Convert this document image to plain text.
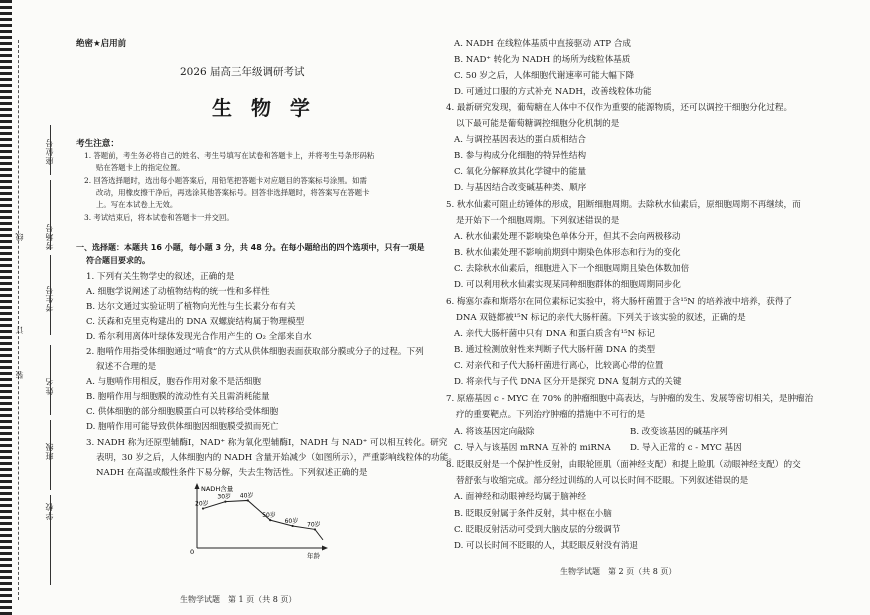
线
订
装
绝密★启用前
2026 届高三年级调研考试
生 物 学
考生注意：
1. 答题前，考生务必将自己的姓名、考生号填写在试卷和答题卡上，并将考生号条形码粘
贴在答题卡上的指定位置。
2. 回答选择题时，选出每小题答案后，用铅笔把答题卡对应题目的答案标号涂黑。如需
改动，用橡皮擦干净后，再选涂其他答案标号。回答非选择题时，将答案写在答题卡
上。写在本试卷上无效。
3. 考试结束后，将本试卷和答题卡一并交回。
一、选择题：本题共 16 小题，每小题 3 分，共 48 分。在每小题给出的四个选项中，只有一项是
符合题目要求的。
1. 下列有关生物学史的叙述，正确的是
A. 细胞学说阐述了动植物结构的统一性和多样性
B. 达尔文通过实验证明了植物向光性与生长素分布有关
C. 沃森和克里克构建出的 DNA 双螺旋结构属于物理模型
D. 希尔利用离体叶绿体发现光合作用产生的 O₂ 全部来自水
2. 胞啃作用指受体细胞通过“啃食”的方式从供体细胞表面获取部分膜或分子的过程。下列
叙述不合理的是
A. 与胞啃作用相反，胞吞作用对象不是活细胞
B. 胞啃作用与细胞膜的流动性有关且需消耗能量
C. 供体细胞的部分细胞膜蛋白可以转移给受体细胞
D. 胞啃作用可能导致供体细胞因细胞膜受损而死亡
3. NADH 称为还原型辅酶Ⅰ，NAD⁺ 称为氧化型辅酶Ⅰ，NADH 与 NAD⁺ 可以相互转化。研究
表明，30 岁之后，人体细胞内的 NADH 含量开始减少（如图所示），严重影响线粒体的功能。
NADH 在高温或酸性条件下易分解，失去生物活性。下列叙述正确的是
NADH含量
年龄
0
20岁
30岁 40岁
50岁
60岁 70岁
生物学试题　第 1 页（共 8 页）
A. NADH 在线粒体基质中直接驱动 ATP 合成
B. NAD⁺ 转化为 NADH 的场所为线粒体基质
C. 50 岁之后，人体细胞代谢速率可能大幅下降
D. 可通过口服的方式补充 NADH，改善线粒体功能
4. 最新研究发现，葡萄糖在人体中不仅作为重要的能源物质，还可以调控干细胞分化过程。
以下最可能是葡萄糖调控细胞分化机制的是
A. 与调控基因表达的蛋白质相结合
B. 参与构成分化细胞的特异性结构
C. 氧化分解释放其化学键中的能量
D. 与基因结合改变碱基种类、顺序
5. 秋水仙素可阻止纺锤体的形成，阻断细胞周期。去除秋水仙素后，原细胞周期不再继续，而
是开始下一个细胞周期。下列叙述错误的是
A. 秋水仙素处理不影响染色单体分开，但其不会向两极移动
B. 秋水仙素处理不影响前期到中期染色体形态和行为的变化
C. 去除秋水仙素后，细胞进入下一个细胞周期且染色体数加倍
D. 可以利用秋水仙素实现某同种细胞群体的细胞周期同步化
6. 梅塞尔森和斯塔尔在同位素标记实验中，将大肠杆菌置于含¹⁵N 的培养液中培养，获得了
DNA 双链都被¹⁵N 标记的亲代大肠杆菌。下列关于该实验的叙述，正确的是
A. 亲代大肠杆菌中只有 DNA 和蛋白质含有¹⁵N 标记
B. 通过检测放射性来判断子代大肠杆菌 DNA 的类型
C. 对亲代和子代大肠杆菌进行离心，比较离心带的位置
D. 将亲代与子代 DNA 区分开是探究 DNA 复制方式的关键
7. 原癌基因 c - MYC 在 70% 的肿瘤细胞中高表达，与肿瘤的发生、发展等密切相关，是肿瘤治
疗的重要靶点。下列治疗肿瘤的措施中不可行的是
A. 将该基因定向敲除	B. 改变该基因的碱基序列
C. 导入与该基因 mRNA 互补的 miRNA D. 导入正常的 c - MYC 基因
8. 眨眼反射是一个保护性反射，由眼轮匝肌（面神经支配）和提上睑肌（动眼神经支配）的交
替舒张与收缩完成。部分经过训练的人可以长时间不眨眼。下列叙述错误的是
A. 面神经和动眼神经均属于脑神经
B. 眨眼反射属于条件反射，其中枢在小脑
C. 眨眼反射活动可受到大脑皮层的分级调节
D. 可以长时间不眨眼的人，其眨眼反射没有消退
生物学试题　第 2 页（共 8 页）
